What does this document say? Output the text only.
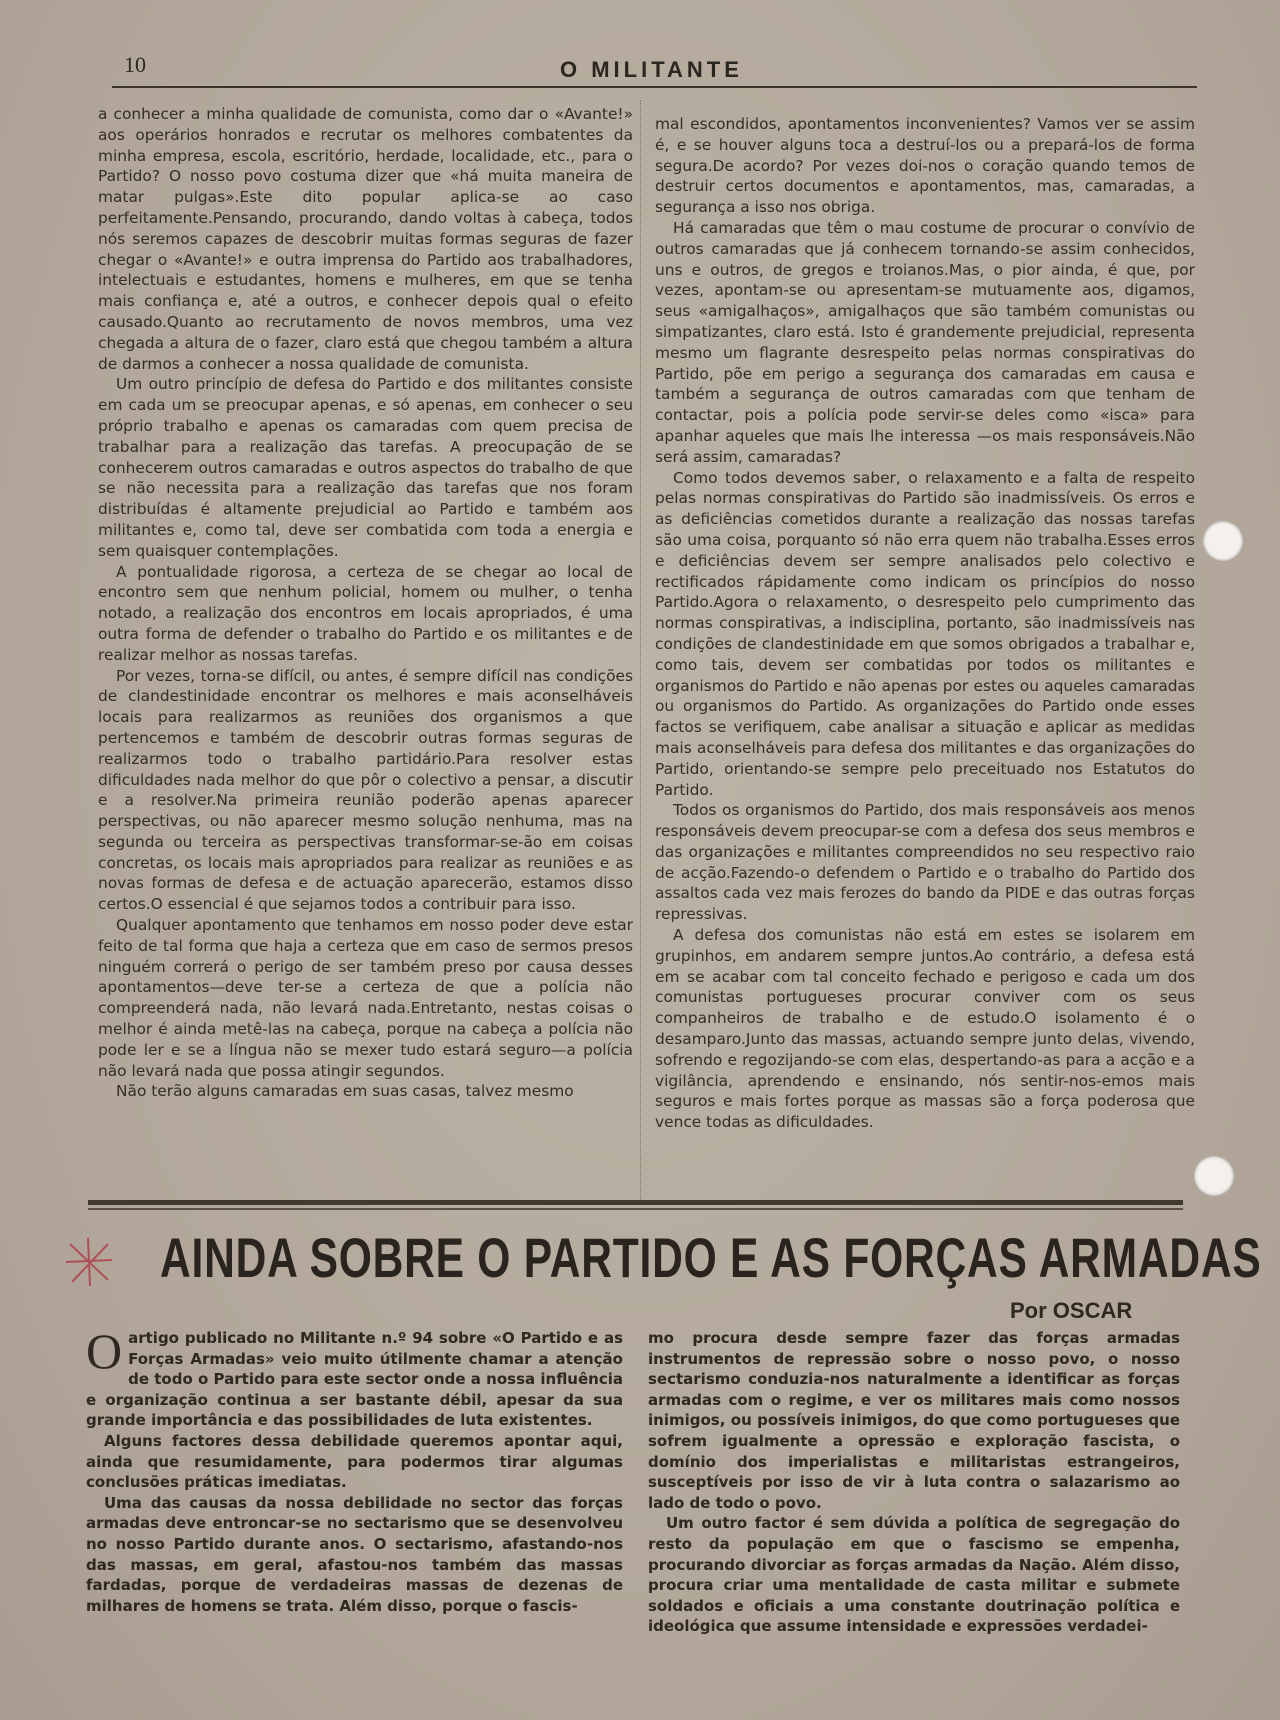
10	O MILITANTE

a conhecer a minha qualidade de comunista, como dar o «Avante!» aos operários honrados e recrutar os melhores combatentes da minha empresa, escola, escritório, herdade, localidade, etc., para o Partido? O nosso povo costuma dizer que «há muita maneira de matar pulgas».Este dito popular aplica-se ao caso perfeitamente.Pensando, procurando, dando voltas à cabeça, todos nós seremos capazes de descobrir muitas formas seguras de fazer chegar o «Avante!» e outra imprensa do Partido aos trabalhadores, intelectuais e estudantes, homens e mulheres, em que se tenha mais confiança e, até a outros, e conhecer depois qual o efeito causado.Quanto ao recrutamento de novos membros, uma vez chegada a altura de o fazer, claro está que chegou também a altura de darmos a conhecer a nossa qualidade de comunista.

Um outro princípio de defesa do Partido e dos militantes consiste em cada um se preocupar apenas, e só apenas, em conhecer o seu próprio trabalho e apenas os camaradas com quem precisa de trabalhar para a realização das tarefas. A preocupação de se conhecerem outros camaradas e outros aspectos do trabalho de que se não necessita para a realização das tarefas que nos foram distribuídas é altamente prejudicial ao Partido e também aos militantes e, como tal, deve ser combatida com toda a energia e sem quaisquer contemplações.

A pontualidade rigorosa, a certeza de se chegar ao local de encontro sem que nenhum policial, homem ou mulher, o tenha notado, a realização dos encontros em locais apropriados, é uma outra forma de defender o trabalho do Partido e os militantes e de realizar melhor as nossas tarefas.

Por vezes, torna-se difícil, ou antes, é sempre difícil nas condições de clandestinidade encontrar os melhores e mais aconselháveis locais para realizarmos as reuniões dos organismos a que pertencemos e também de descobrir outras formas seguras de realizarmos todo o trabalho partidário.Para resolver estas dificuldades nada melhor do que pôr o colectivo a pensar, a discutir e a resolver.Na primeira reunião poderão apenas aparecer perspectivas, ou não aparecer mesmo solução nenhuma, mas na segunda ou terceira as perspectivas transformar-se-ão em coisas concretas, os locais mais apropriados para realizar as reuniões e as novas formas de defesa e de actuação aparecerão, estamos disso certos.O essencial é que sejamos todos a contribuir para isso.

Qualquer apontamento que tenhamos em nosso poder deve estar feito de tal forma que haja a certeza que em caso de sermos presos ninguém correrá o perigo de ser também preso por causa desses apontamentos—deve ter-se a certeza de que a polícia não compreenderá nada, não levará nada.Entretanto, nestas coisas o melhor é ainda metê-las na cabeça, porque na cabeça a polícia não pode ler e se a língua não se mexer tudo estará seguro—a polícia não levará nada que possa atingir segundos.

Não terão alguns camaradas em suas casas, talvez mesmo

mal escondidos, apontamentos inconvenientes? Vamos ver se assim é, e se houver alguns toca a destruí-los ou a prepará-los de forma segura.De acordo? Por vezes doi-nos o coração quando temos de destruir certos documentos e apontamentos, mas, camaradas, a segurança a isso nos obriga.

Há camaradas que têm o mau costume de procurar o convívio de outros camaradas que já conhecem tornando-se assim conhecidos, uns e outros, de gregos e troianos.Mas, o pior ainda, é que, por vezes, apontam-se ou apresentam-se mutuamente aos, digamos, seus «amigalhaços», amigalhaços que são também comunistas ou simpatizantes, claro está. Isto é grandemente prejudicial, representa mesmo um flagrante desrespeito pelas normas conspirativas do Partido, põe em perigo a segurança dos camaradas em causa e também a segurança de outros camaradas com que tenham de contactar, pois a polícia pode servir-se deles como «isca» para apanhar aqueles que mais lhe interessa —os mais responsáveis.Não será assim, camaradas?

Como todos devemos saber, o relaxamento e a falta de respeito pelas normas conspirativas do Partido são inadmissíveis. Os erros e as deficiências cometidos durante a realização das nossas tarefas são uma coisa, porquanto só não erra quem não trabalha.Esses erros e deficiências devem ser sempre analisados pelo colectivo e rectificados rápidamente como indicam os princípios do nosso Partido.Agora o relaxamento, o desrespeito pelo cumprimento das normas conspirativas, a indisciplina, portanto, são inadmissíveis nas condições de clandestinidade em que somos obrigados a trabalhar e, como tais, devem ser combatidas por todos os militantes e organismos do Partido e não apenas por estes ou aqueles camaradas ou organismos do Partido. As organizações do Partido onde esses factos se verifiquem, cabe analisar a situação e aplicar as medidas mais aconselháveis para defesa dos militantes e das organizações do Partido, orientando-se sempre pelo preceituado nos Estatutos do Partido.

Todos os organismos do Partido, dos mais responsáveis aos menos responsáveis devem preocupar-se com a defesa dos seus membros e das organizações e militantes compreendidos no seu respectivo raio de acção.Fazendo-o defendem o Partido e o trabalho do Partido dos assaltos cada vez mais ferozes do bando da PIDE e das outras forças repressivas.

A defesa dos comunistas não está em estes se isolarem em grupinhos, em andarem sempre juntos.Ao contrário, a defesa está em se acabar com tal conceito fechado e perigoso e cada um dos comunistas portugueses procurar conviver com os seus companheiros de trabalho e de estudo.O isolamento é o desamparo.Junto das massas, actuando sempre junto delas, vivendo, sofrendo e regozijando-se com elas, despertando-as para a acção e a vigilância, aprendendo e ensinando, nós sentir-nos-emos mais seguros e mais fortes porque as massas são a força poderosa que vence todas as dificuldades.

AINDA SOBRE O PARTIDO E AS FORÇAS ARMADAS
Por OSCAR
O artigo publicado no Militante n.º 94 sobre «O Partido e as Forças Armadas» veio muito útilmente chamar a atenção de todo o Partido para este sector onde a nossa influência e organização continua a ser bastante débil, apesar da sua grande importância e das possibilidades de luta existentes.

Alguns factores dessa debilidade queremos apontar aqui, ainda que resumidamente, para podermos tirar algumas conclusões práticas imediatas.

Uma das causas da nossa debilidade no sector das forças armadas deve entroncar-se no sectarismo que se desenvolveu no nosso Partido durante anos. O sectarismo, afastando-nos das massas, em geral, afastou-nos também das massas fardadas, porque de verdadeiras massas de dezenas de milhares de homens se trata. Além disso, porque o fascis-

mo procura desde sempre fazer das forças armadas instrumentos de repressão sobre o nosso povo, o nosso sectarismo conduzia-nos naturalmente a identificar as forças armadas com o regime, e ver os militares mais como nossos inimigos, ou possíveis inimigos, do que como portugueses que sofrem igualmente a opressão e exploração fascista, o domínio dos imperialistas e militaristas estrangeiros, susceptíveis por isso de vir à luta contra o salazarismo ao lado de todo o povo.

Um outro factor é sem dúvida a política de segregação do resto da população em que o fascismo se empenha, procurando divorciar as forças armadas da Nação. Além disso, procura criar uma mentalidade de casta militar e submete soldados e oficiais a uma constante doutrinação política e ideológica que assume intensidade e expressões verdadei-
